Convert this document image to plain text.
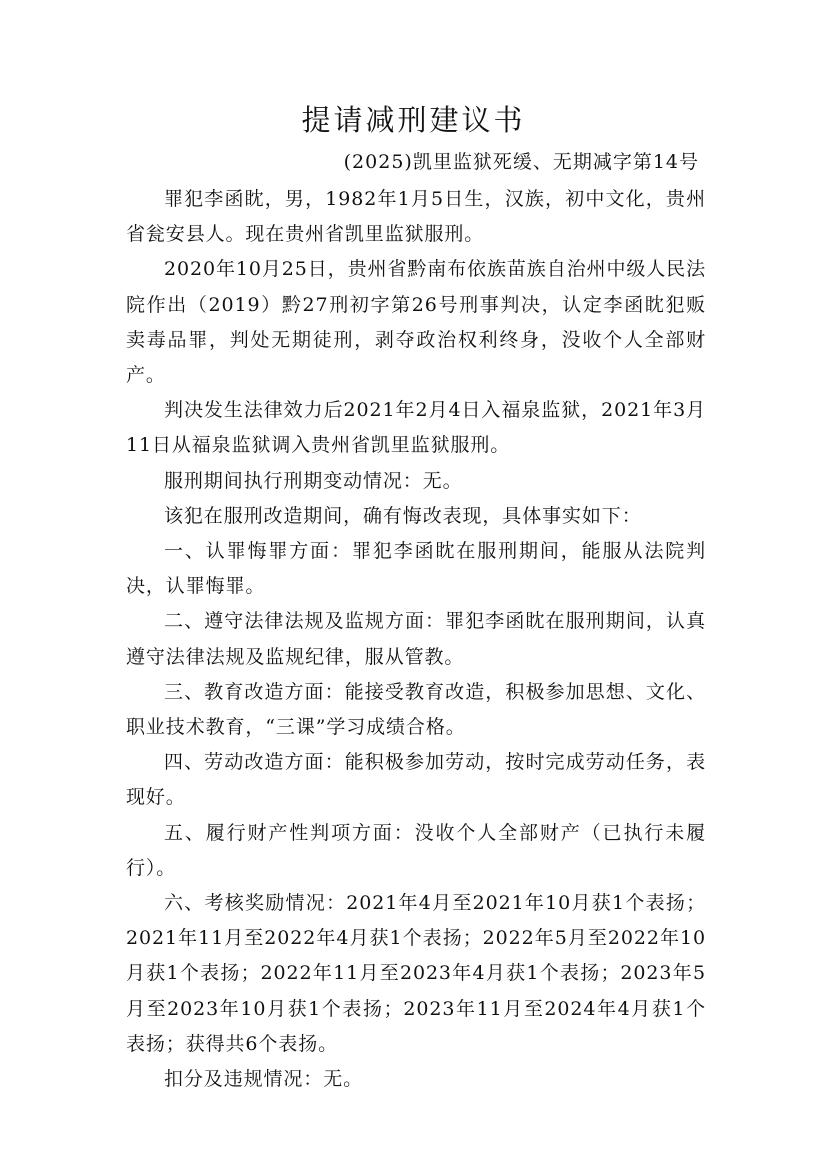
提请减刑建议书
(2025)凯里监狱死缓、无期减字第14号

罪犯李函眈，男，1982年1月5日生，汉族，初中文化，贵州省瓮安县人。现在贵州省凯里监狱服刑。

2020年10月25日，贵州省黔南布依族苗族自治州中级人民法院作出（2019）黔27刑初字第26号刑事判决，认定李函眈犯贩卖毒品罪，判处无期徒刑，剥夺政治权利终身，没收个人全部财产。

判决发生法律效力后2021年2月4日入福泉监狱，2021年3月11日从福泉监狱调入贵州省凯里监狱服刑。

服刑期间执行刑期变动情况：无。

该犯在服刑改造期间，确有悔改表现，具体事实如下：

一、认罪悔罪方面：罪犯李函眈在服刑期间，能服从法院判决，认罪悔罪。

二、遵守法律法规及监规方面：罪犯李函眈在服刑期间，认真遵守法律法规及监规纪律，服从管教。

三、教育改造方面：能接受教育改造，积极参加思想、文化、职业技术教育，“三课”学习成绩合格。

四、劳动改造方面：能积极参加劳动，按时完成劳动任务，表现好。

五、履行财产性判项方面：没收个人全部财产（已执行未履行）。

六、考核奖励情况：2021年4月至2021年10月获1个表扬；2021年11月至2022年4月获1个表扬；2022年5月至2022年10月获1个表扬；2022年11月至2023年4月获1个表扬；2023年5月至2023年10月获1个表扬；2023年11月至2024年4月获1个表扬；获得共6个表扬。

扣分及违规情况：无。
